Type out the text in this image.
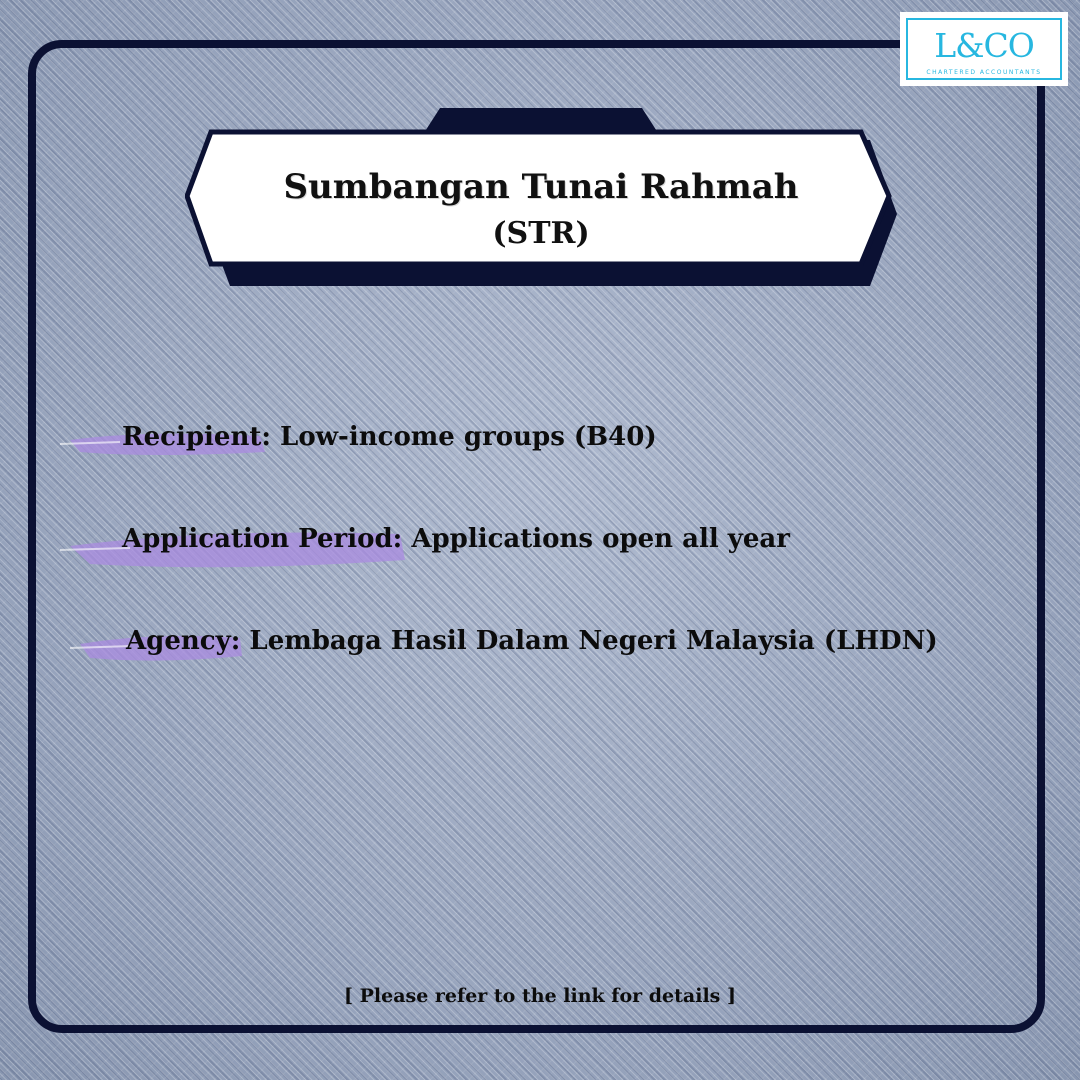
L&CO
CHARTERED ACCOUNTANTS
Sumbangan Tunai Rahmah
(STR)
Recipient: Low-income groups (B40)
Application Period: Applications open all year
Agency: Lembaga Hasil Dalam Negeri Malaysia (LHDN)
[ Please refer to the link for details ]
